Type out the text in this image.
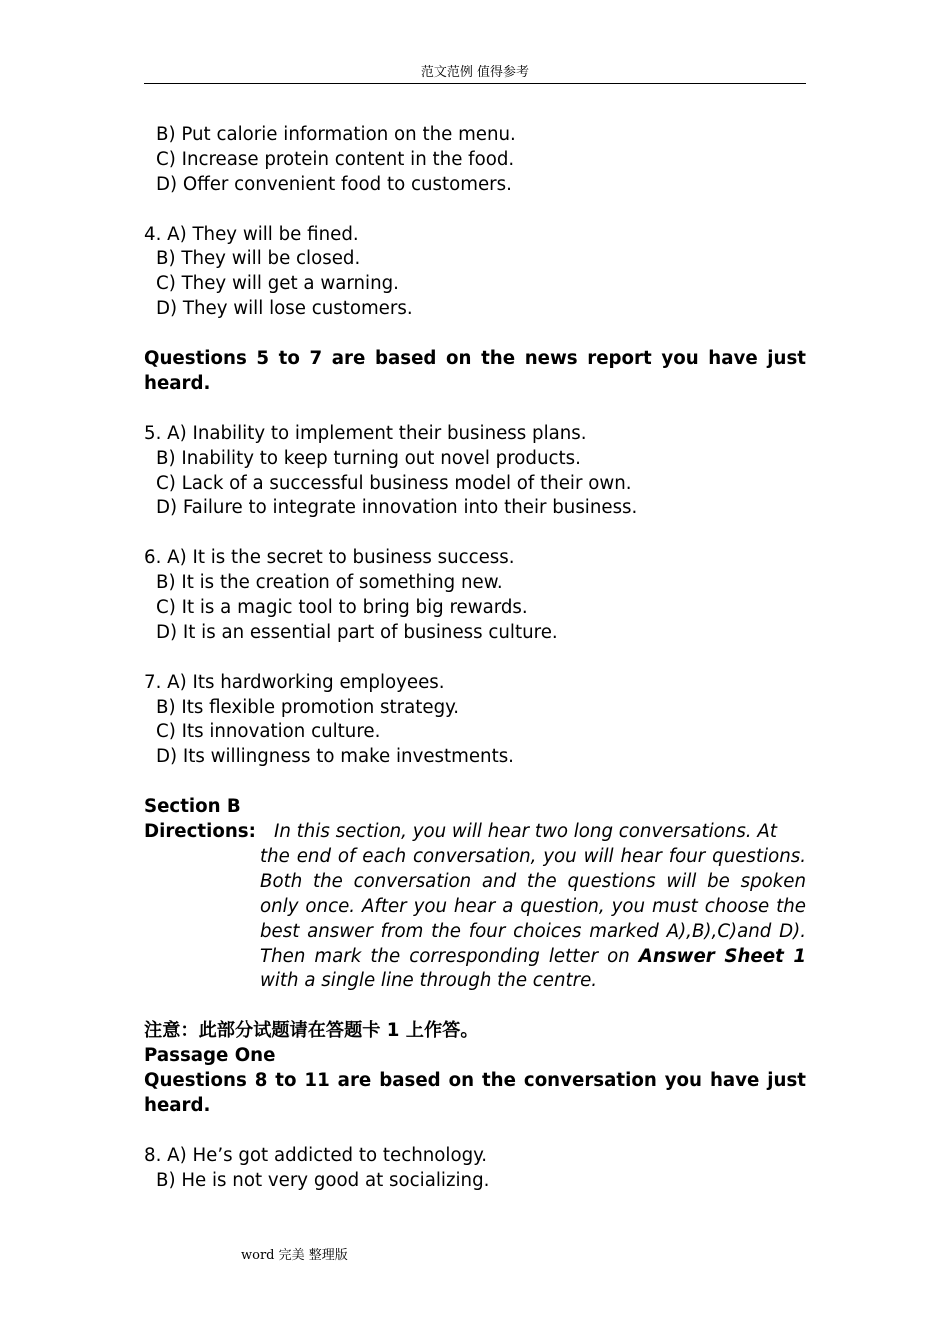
范文范例 值得参考
B) Put calorie information on the menu.
C) Increase protein content in the food.
D) Offer convenient food to customers.
4. A) They will be fined.
B) They will be closed.
C) They will get a warning.
D) They will lose customers.
Questions 5 to 7 are based on the news report you have just heard.
5. A) Inability to implement their business plans.
B) Inability to keep turning out novel products.
C) Lack of a successful business model of their own.
D) Failure to integrate innovation into their business.
6. A) It is the secret to business success.
B) It is the creation of something new.
C) It is a magic tool to bring big rewards.
D) It is an essential part of business culture.
7. A) Its hardworking employees.
B) Its flexible promotion strategy.
C) Its innovation culture.
D) Its willingness to make investments.
Section B
Directions: In this section, you will hear two long conversations. At
the end of each conversation, you will hear four questions. Both the conversation and the questions will be spoken only once. After you hear a question, you must choose the best answer from the four choices marked A),B),C)and D). Then mark the corresponding letter on Answer Sheet 1 with a single line through the centre.
注意：此部分试题请在答题卡 1 上作答。
Passage One
Questions 8 to 11 are based on the conversation you have just heard.
8. A) He’s got addicted to technology.
B) He is not very good at socializing.
word 完美 整理版
